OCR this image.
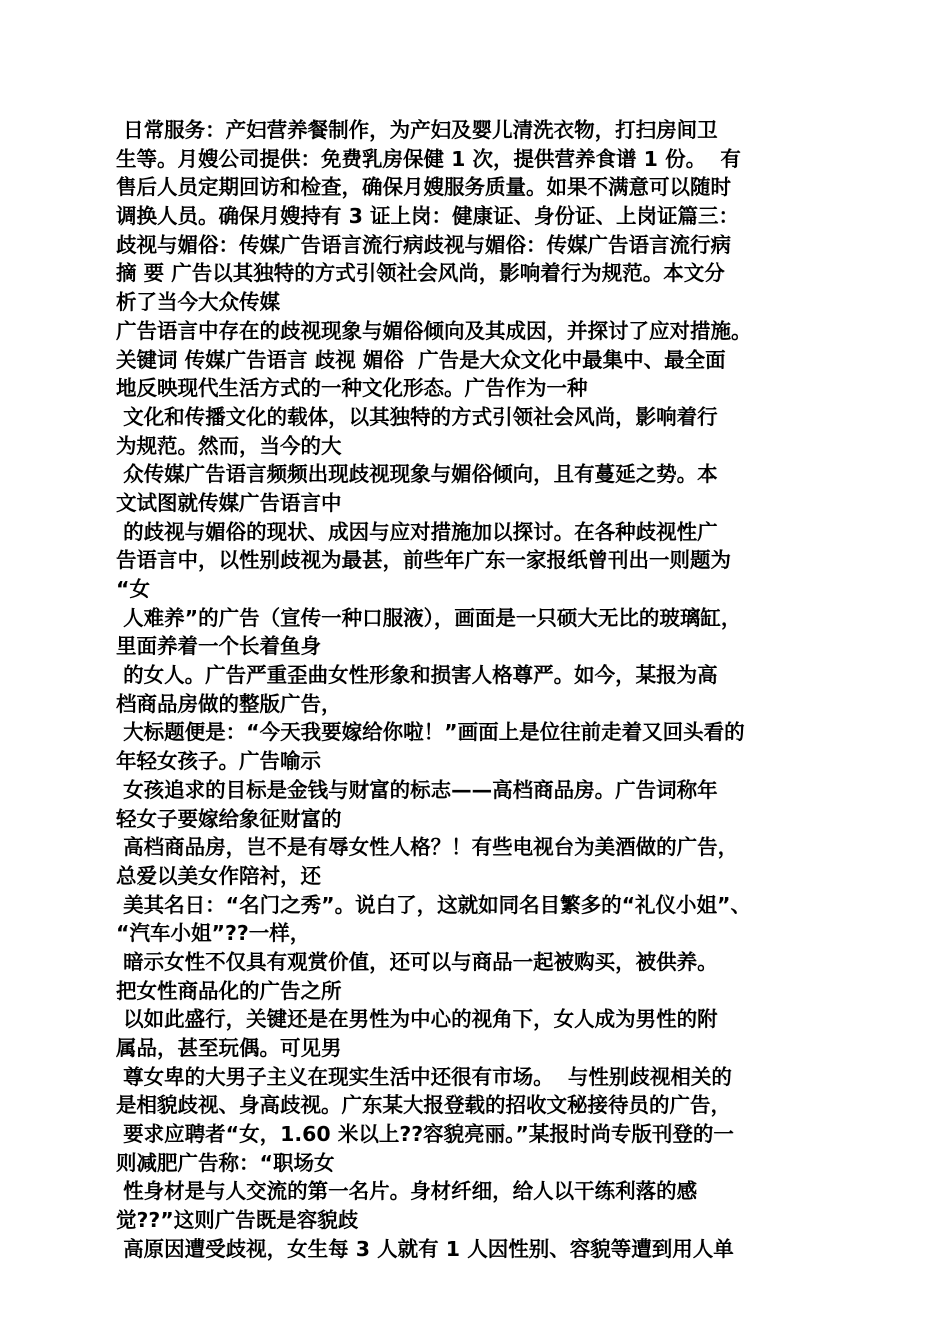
日常服务：产妇营养餐制作，为产妇及婴儿清洗衣物，打扫房间卫
生等。月嫂公司提供：免费乳房保健 1 次，提供营养食谱 1 份。  有
售后人员定期回访和检查，确保月嫂服务质量。如果不满意可以随时
调换人员。确保月嫂持有 3 证上岗：健康证、身份证、上岗证篇三：
歧视与媚俗：传媒广告语言流行病歧视与媚俗：传媒广告语言流行病
摘 要 广告以其独特的方式引领社会风尚，影响着行为规范。本文分
析了当今大众传媒
广告语言中存在的歧视现象与媚俗倾向及其成因，并探讨了应对措施。
关键词 传媒广告语言 歧视 媚俗  广告是大众文化中最集中、最全面
地反映现代生活方式的一种文化形态。广告作为一种
文化和传播文化的载体，以其独特的方式引领社会风尚，影响着行
为规范。然而，当今的大
众传媒广告语言频频出现歧视现象与媚俗倾向，且有蔓延之势。本
文试图就传媒广告语言中
的歧视与媚俗的现状、成因与应对措施加以探讨。在各种歧视性广
告语言中，以性别歧视为最甚，前些年广东一家报纸曾刊出一则题为
“女
人难养”的广告（宣传一种口服液），画面是一只硕大无比的玻璃缸，
里面养着一个长着鱼身
的女人。广告严重歪曲女性形象和损害人格尊严。如今，某报为高
档商品房做的整版广告，
大标题便是：“今天我要嫁给你啦！”画面上是位往前走着又回头看的
年轻女孩子。广告喻示
女孩追求的目标是金钱与财富的标志——高档商品房。广告词称年
轻女子要嫁给象征财富的
高档商品房，岂不是有辱女性人格？！有些电视台为美酒做的广告，
总爱以美女作陪衬，还
美其名日：“名门之秀”。说白了，这就如同名目繁多的“礼仪小姐”、
“汽车小姐”??一样，
暗示女性不仅具有观赏价值，还可以与商品一起被购买，被供养。
把女性商品化的广告之所
以如此盛行，关键还是在男性为中心的视角下，女人成为男性的附
属品，甚至玩偶。可见男
尊女卑的大男子主义在现实生活中还很有市场。  与性别歧视相关的
是相貌歧视、身高歧视。广东某大报登载的招收文秘接待员的广告，
要求应聘者“女，1.60 米以上??容貌亮丽。”某报时尚专版刊登的一
则减肥广告称：“职场女
性身材是与人交流的第一名片。身材纤细，给人以干练利落的感
觉??”这则广告既是容貌歧
高原因遭受歧视，女生每 3 人就有 1 人因性别、容貌等遭到用人单
